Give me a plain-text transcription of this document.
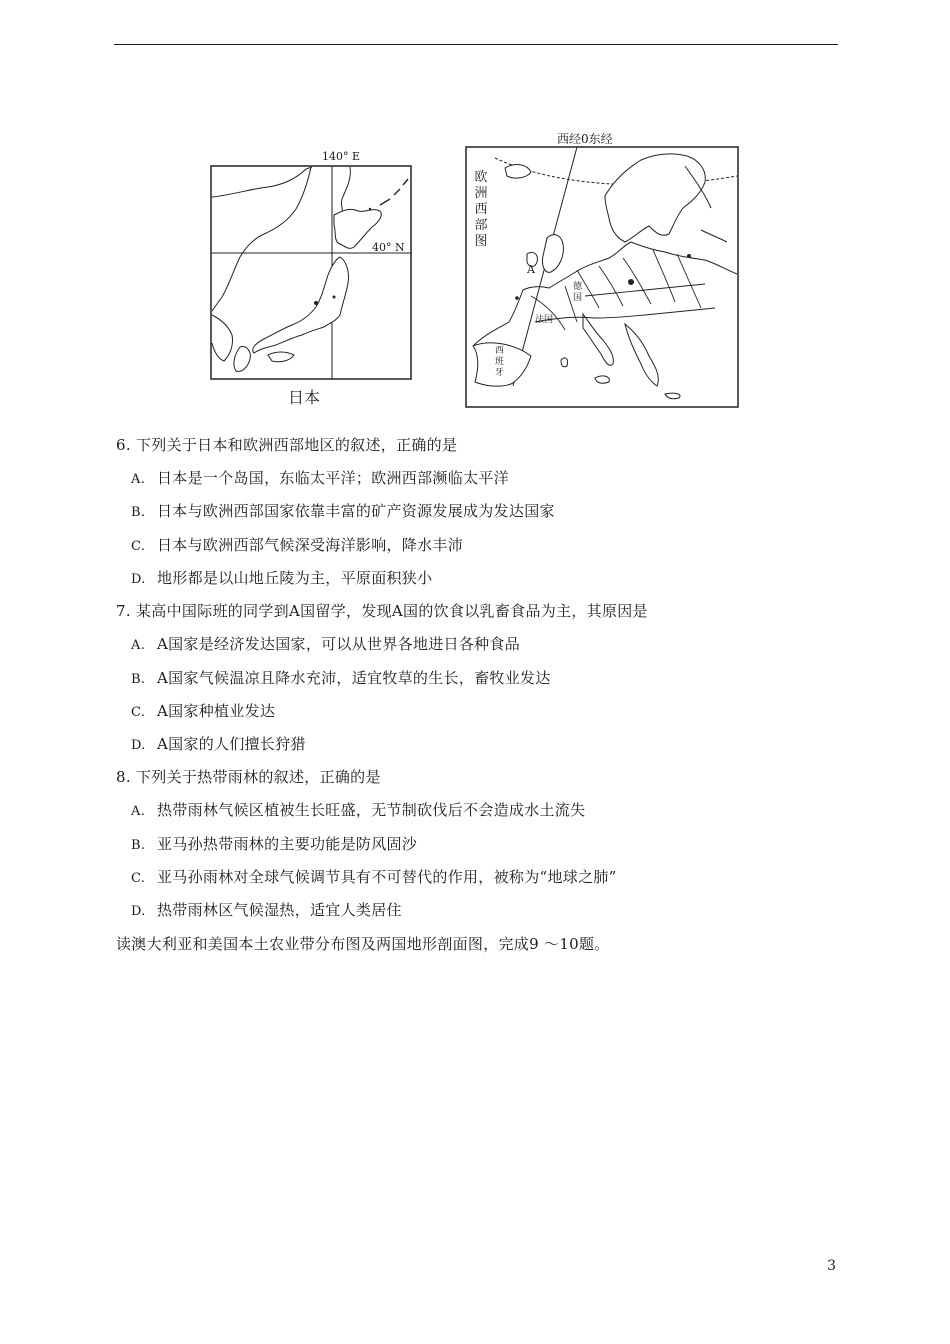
140° E
40° N
日本
西经0东经
欧
洲
西
部
图
A
德
国
法国
西
班
牙
6. 下列关于日本和欧洲西部地区的叙述，正确的是
A. 日本是一个岛国，东临太平洋；欧洲西部濒临太平洋
B. 日本与欧洲西部国家依靠丰富的矿产资源发展成为发达国家
C. 日本与欧洲西部气候深受海洋影响，降水丰沛
D. 地形都是以山地丘陵为主，平原面积狭小
7. 某高中国际班的同学到A国留学，发现A国的饮食以乳畜食品为主，其原因是
A. A国家是经济发达国家，可以从世界各地进日各种食品
B. A国家气候温凉且降水充沛，适宜牧草的生长，畜牧业发达
C. A国家种植业发达
D. A国家的人们擅长狩猎
8. 下列关于热带雨林的叙述，正确的是
A. 热带雨林气候区植被生长旺盛，无节制砍伐后不会造成水土流失
B. 亚马孙热带雨林的主要功能是防风固沙
C. 亚马孙雨林对全球气候调节具有不可替代的作用，被称为“地球之肺”
D. 热带雨林区气候湿热，适宜人类居住
读澳大利亚和美国本土农业带分布图及两国地形剖面图，完成9 ～10题。
3
